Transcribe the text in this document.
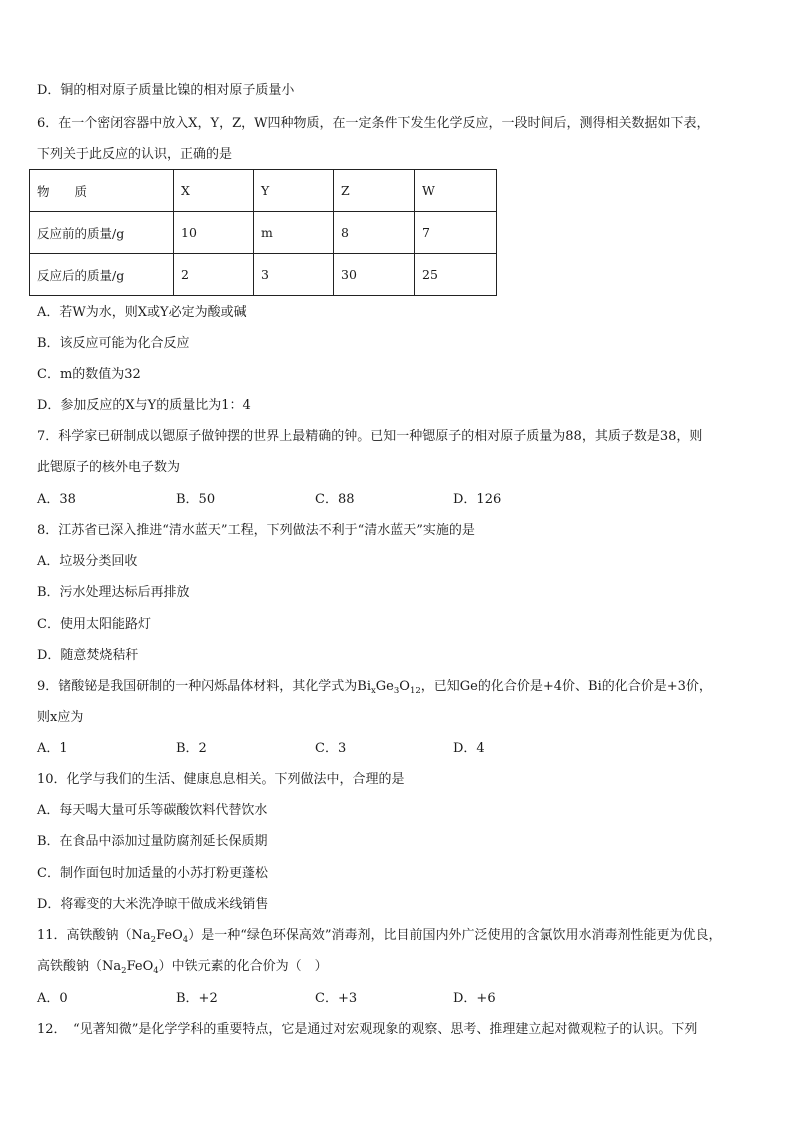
D．铜的相对原子质量比镍的相对原子质量小
6．在一个密闭容器中放入X，Y，Z，W四种物质，在一定条件下发生化学反应，一段时间后，测得相关数据如下表，
下列关于此反应的认识，正确的是
物　　质	X	Y	Z	W
反应前的质量/g	10	m	8	7
反应后的质量/g	2	3	30	25
A．若W为水，则X或Y必定为酸或碱
B．该反应可能为化合反应
C．m的数值为32
D．参加反应的X与Y的质量比为1：4
7．科学家已研制成以锶原子做钟摆的世界上最精确的钟。已知一种锶原子的相对原子质量为88，其质子数是38，则
此锶原子的核外电子数为
A．38	B．50	C．88	D．126
8．江苏省已深入推进“清水蓝天”工程，下列做法不利于“清水蓝天”实施的是
A．垃圾分类回收
B．污水处理达标后再排放
C．使用太阳能路灯
D．随意焚烧秸秆
9．锗酸铋是我国研制的一种闪烁晶体材料，其化学式为$Bi_xGe_3O_{12}$，已知Ge的化合价是+4价、Bi的化合价是+3价，
则x应为
A．1	B．2	C．3	D．4
10．化学与我们的生活、健康息息相关。下列做法中，合理的是
A．每天喝大量可乐等碳酸饮料代替饮水
B．在食品中添加过量防腐剂延长保质期
C．制作面包时加适量的小苏打粉更蓬松
D．将霉变的大米洗净晾干做成米线销售
11．高铁酸钠$(Na_2FeO_4)$是一种“绿色环保高效”消毒剂，比目前国内外广泛使用的含氯饮用水消毒剂性能更为优良，
高铁酸钠$(Na_2FeO_4)$中铁元素的化合价为（　）
A．0	B．+2	C．+3	D．+6
12．　“见著知微”是化学学科的重要特点，它是通过对宏观现象的观察、思考、推理建立起对微观粒子的认识。下列
